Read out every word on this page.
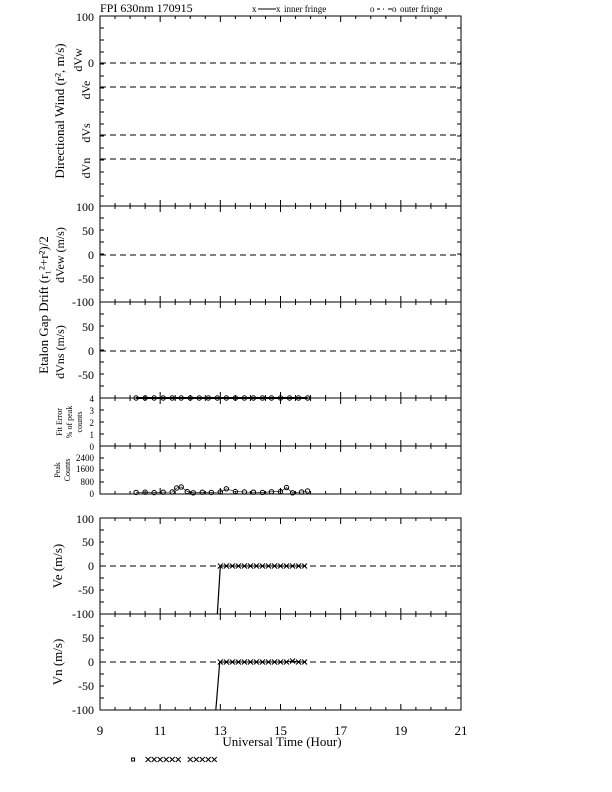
FPI 630nm 170915	x x inner fringe	o o outer fringe
100
0
100
Directional Wind (r², m/s) dVw
dVe
dVs
dVn
50
0
-50
-100
dVew (m/s)
50
0
-50
dVns (m/s)
Etalon Gap Drift (r₁²+r²)/2
4
3
2
1
0
Fit Error % of peak counts
2400
1600
800
0
Peak Counts
100
50
0
-50
-100
Ve (m/s)
50
0
-50
-100
Vn (m/s)
Universal Time (Hour)
9	11	13	15	17	19	21
